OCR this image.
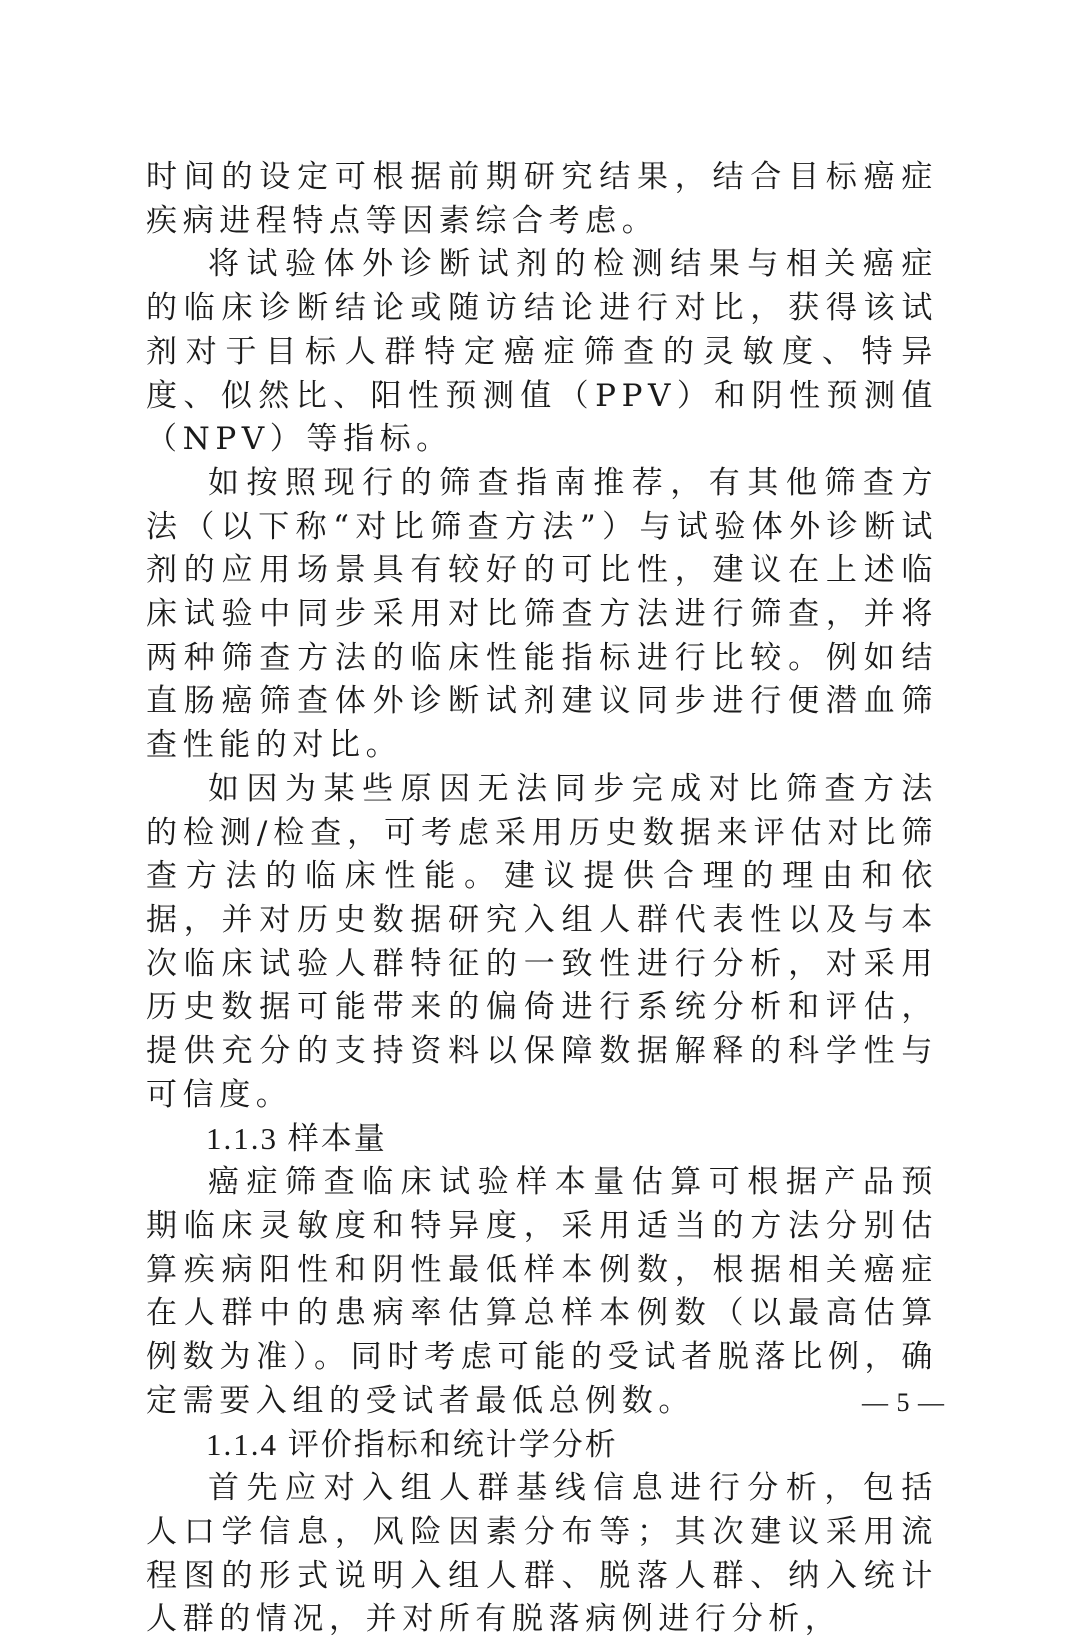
时间的设定可根据前期研究结果，结合目标癌症疾病进程特点等因素综合考虑。

将试验体外诊断试剂的检测结果与相关癌症的临床诊断结论或随访结论进行对比，获得该试剂对于目标人群特定癌症筛查的灵敏度、特异度、似然比、阳性预测值（PPV）和阴性预测值（NPV）等指标。

如按照现行的筛查指南推荐，有其他筛查方法（以下称“对比筛查方法”）与试验体外诊断试剂的应用场景具有较好的可比性，建议在上述临床试验中同步采用对比筛查方法进行筛查，并将两种筛查方法的临床性能指标进行比较。例如结直肠癌筛查体外诊断试剂建议同步进行便潜血筛查性能的对比。

如因为某些原因无法同步完成对比筛查方法的检测/检查，可考虑采用历史数据来评估对比筛查方法的临床性能。建议提供合理的理由和依据，并对历史数据研究入组人群代表性以及与本次临床试验人群特征的一致性进行分析，对采用历史数据可能带来的偏倚进行系统分析和评估，提供充分的支持资料以保障数据解释的科学性与可信度。

1.1.3 样本量

癌症筛查临床试验样本量估算可根据产品预期临床灵敏度和特异度，采用适当的方法分别估算疾病阳性和阴性最低样本例数，根据相关癌症在人群中的患病率估算总样本例数（以最高估算例数为准）。同时考虑可能的受试者脱落比例，确定需要入组的受试者最低总例数。

1.1.4 评价指标和统计学分析

首先应对入组人群基线信息进行分析，包括人口学信息，风险因素分布等；其次建议采用流程图的形式说明入组人群、脱落人群、纳入统计人群的情况，并对所有脱落病例进行分析，

— 5 —
